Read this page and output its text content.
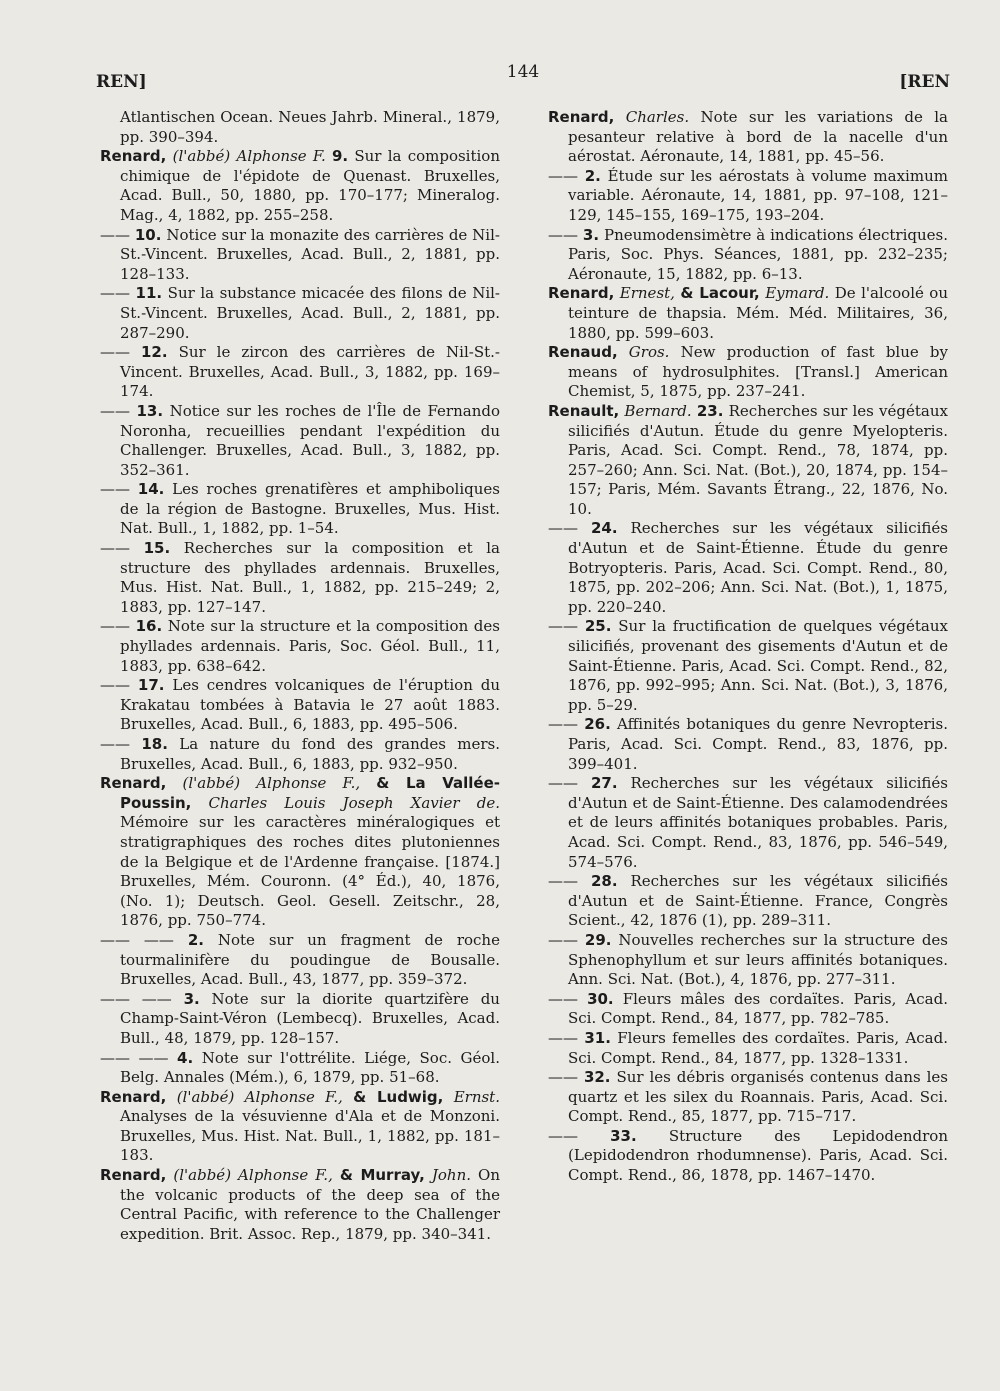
REN]	144	[REN

Atlantischen Ocean. Neues Jahrb. Mineral., 1879, pp. 390–394.

Renard, (l'abbé) Alphonse F. 9. Sur la composition chimique de l'épidote de Quenast. Bruxelles, Acad. Bull., 50, 1880, pp. 170–177; Mineralog. Mag., 4, 1882, pp. 255–258.

—— 10. Notice sur la monazite des carrières de Nil-St.-Vincent. Bruxelles, Acad. Bull., 2, 1881, pp. 128–133.

—— 11. Sur la substance micacée des filons de Nil-St.-Vincent. Bruxelles, Acad. Bull., 2, 1881, pp. 287–290.

—— 12. Sur le zircon des carrières de Nil-St.-Vincent. Bruxelles, Acad. Bull., 3, 1882, pp. 169–174.

—— 13. Notice sur les roches de l'Île de Fernando Noronha, recueillies pendant l'expédition du Challenger. Bruxelles, Acad. Bull., 3, 1882, pp. 352–361.

—— 14. Les roches grenatifères et amphiboliques de la région de Bastogne. Bruxelles, Mus. Hist. Nat. Bull., 1, 1882, pp. 1–54.

—— 15. Recherches sur la composition et la structure des phyllades ardennais. Bruxelles, Mus. Hist. Nat. Bull., 1, 1882, pp. 215–249; 2, 1883, pp. 127–147.

—— 16. Note sur la structure et la composition des phyllades ardennais. Paris, Soc. Géol. Bull., 11, 1883, pp. 638–642.

—— 17. Les cendres volcaniques de l'éruption du Krakatau tombées à Batavia le 27 août 1883. Bruxelles, Acad. Bull., 6, 1883, pp. 495–506.

—— 18. La nature du fond des grandes mers. Bruxelles, Acad. Bull., 6, 1883, pp. 932–950.

Renard, (l'abbé) Alphonse F., & La Vallée-Poussin, Charles Louis Joseph Xavier de. Mémoire sur les caractères minéralogiques et stratigraphiques des roches dites plutoniennes de la Belgique et de l'Ardenne française. [1874.] Bruxelles, Mém. Couronn. (4° Éd.), 40, 1876, (No. 1); Deutsch. Geol. Gesell. Zeitschr., 28, 1876, pp. 750–774.

—— —— 2. Note sur un fragment de roche tourmalinifère du poudingue de Bousalle. Bruxelles, Acad. Bull., 43, 1877, pp. 359–372.

—— —— 3. Note sur la diorite quartzifère du Champ-Saint-Véron (Lembecq). Bruxelles, Acad. Bull., 48, 1879, pp. 128–157.

—— —— 4. Note sur l'ottrélite. Liége, Soc. Géol. Belg. Annales (Mém.), 6, 1879, pp. 51–68.

Renard, (l'abbé) Alphonse F., & Ludwig, Ernst. Analyses de la vésuvienne d'Ala et de Monzoni. Bruxelles, Mus. Hist. Nat. Bull., 1, 1882, pp. 181–183.

Renard, (l'abbé) Alphonse F., & Murray, John. On the volcanic products of the deep sea of the Central Pacific, with reference to the Challenger expedition. Brit. Assoc. Rep., 1879, pp. 340–341.

Renard, Charles. Note sur les variations de la pesanteur relative à bord de la nacelle d'un aérostat. Aéronaute, 14, 1881, pp. 45–56.

—— 2. Étude sur les aérostats à volume maximum variable. Aéronaute, 14, 1881, pp. 97–108, 121–129, 145–155, 169–175, 193–204.

—— 3. Pneumodensimètre à indications électriques. Paris, Soc. Phys. Séances, 1881, pp. 232–235; Aéronaute, 15, 1882, pp. 6–13.

Renard, Ernest, & Lacour, Eymard. De l'alcoolé ou teinture de thapsia. Mém. Méd. Militaires, 36, 1880, pp. 599–603.

Renaud, Gros. New production of fast blue by means of hydrosulphites. [Transl.] American Chemist, 5, 1875, pp. 237–241.

Renault, Bernard. 23. Recherches sur les végétaux silicifiés d'Autun. Étude du genre Myelopteris. Paris, Acad. Sci. Compt. Rend., 78, 1874, pp. 257–260; Ann. Sci. Nat. (Bot.), 20, 1874, pp. 154–157; Paris, Mém. Savants Étrang., 22, 1876, No. 10.

—— 24. Recherches sur les végétaux silicifiés d'Autun et de Saint-Étienne. Étude du genre Botryopteris. Paris, Acad. Sci. Compt. Rend., 80, 1875, pp. 202–206; Ann. Sci. Nat. (Bot.), 1, 1875, pp. 220–240.

—— 25. Sur la fructification de quelques végétaux silicifiés, provenant des gisements d'Autun et de Saint-Étienne. Paris, Acad. Sci. Compt. Rend., 82, 1876, pp. 992–995; Ann. Sci. Nat. (Bot.), 3, 1876, pp. 5–29.

—— 26. Affinités botaniques du genre Nevropteris. Paris, Acad. Sci. Compt. Rend., 83, 1876, pp. 399–401.

—— 27. Recherches sur les végétaux silicifiés d'Autun et de Saint-Étienne. Des calamodendrées et de leurs affinités botaniques probables. Paris, Acad. Sci. Compt. Rend., 83, 1876, pp. 546–549, 574–576.

—— 28. Recherches sur les végétaux silicifiés d'Autun et de Saint-Étienne. France, Congrès Scient., 42, 1876 (1), pp. 289–311.

—— 29. Nouvelles recherches sur la structure des Sphenophyllum et sur leurs affinités botaniques. Ann. Sci. Nat. (Bot.), 4, 1876, pp. 277–311.

—— 30. Fleurs mâles des cordaïtes. Paris, Acad. Sci. Compt. Rend., 84, 1877, pp. 782–785.

—— 31. Fleurs femelles des cordaïtes. Paris, Acad. Sci. Compt. Rend., 84, 1877, pp. 1328–1331.

—— 32. Sur les débris organisés contenus dans les quartz et les silex du Roannais. Paris, Acad. Sci. Compt. Rend., 85, 1877, pp. 715–717.

—— 33. Structure des Lepidodendron (Lepidodendron rhodumnense). Paris, Acad. Sci. Compt. Rend., 86, 1878, pp. 1467–1470.
